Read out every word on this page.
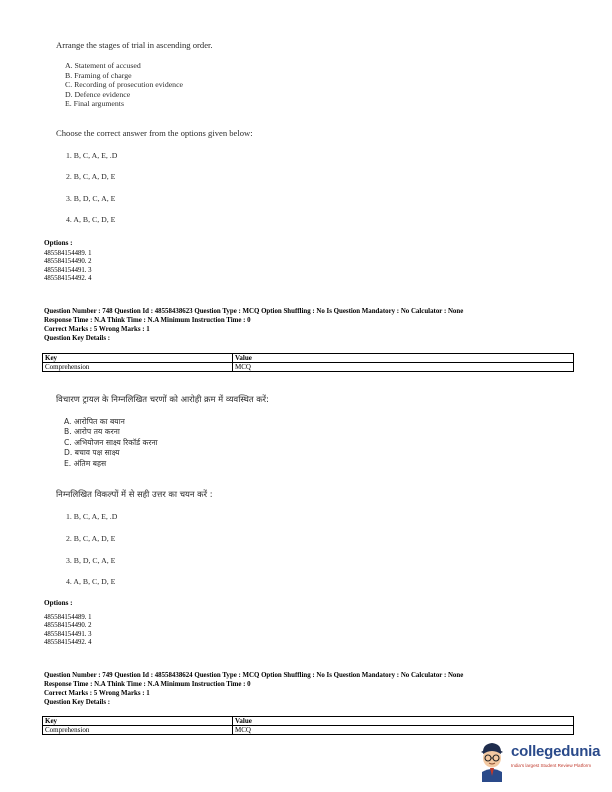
Arrange the stages of trial in ascending order.
A. Statement of accused
B. Framing of charge
C. Recording of prosecution evidence
D. Defence evidence
E. Final arguments
Choose the correct answer from the options given below:
1. B, C, A, E, .D
2. B, C, A, D, E
3. B, D, C, A, E
4. A, B, C, D, E
Options :
485584154489. 1
485584154490. 2
485584154491. 3
485584154492. 4
Question Number : 748 Question Id : 48558438623 Question Type : MCQ Option Shuffling : No Is Question Mandatory : No Calculator : None
Response Time : N.A Think Time : N.A Minimum Instruction Time : 0
Correct Marks : 5 Wrong Marks : 1
Question Key Details :
Key	Value
Comprehension	MCQ
विचारण ट्रायल के निम्नलिखित चरणों को आरोही क्रम में व्यवस्थित करें:
A. आरोपित का बयान
B. आरोप तय करना
C. अभियोजन साक्ष्य रिकॉर्ड करना
D. बचाव पक्ष साक्ष्य
E. अंतिम बहस
निम्नलिखित विकल्पों में से सही उत्तर का चयन करें :
1. B, C, A, E, .D
2. B, C, A, D, E
3. B, D, C, A, E
4. A, B, C, D, E
Options :
485584154489. 1
485584154490. 2
485584154491. 3
485584154492. 4
Question Number : 749 Question Id : 48558438624 Question Type : MCQ Option Shuffling : No Is Question Mandatory : No Calculator : None
Response Time : N.A Think Time : N.A Minimum Instruction Time : 0
Correct Marks : 5 Wrong Marks : 1
Question Key Details :
Key	Value
Comprehension	MCQ
collegedunia
India's largest Student Review Platform
